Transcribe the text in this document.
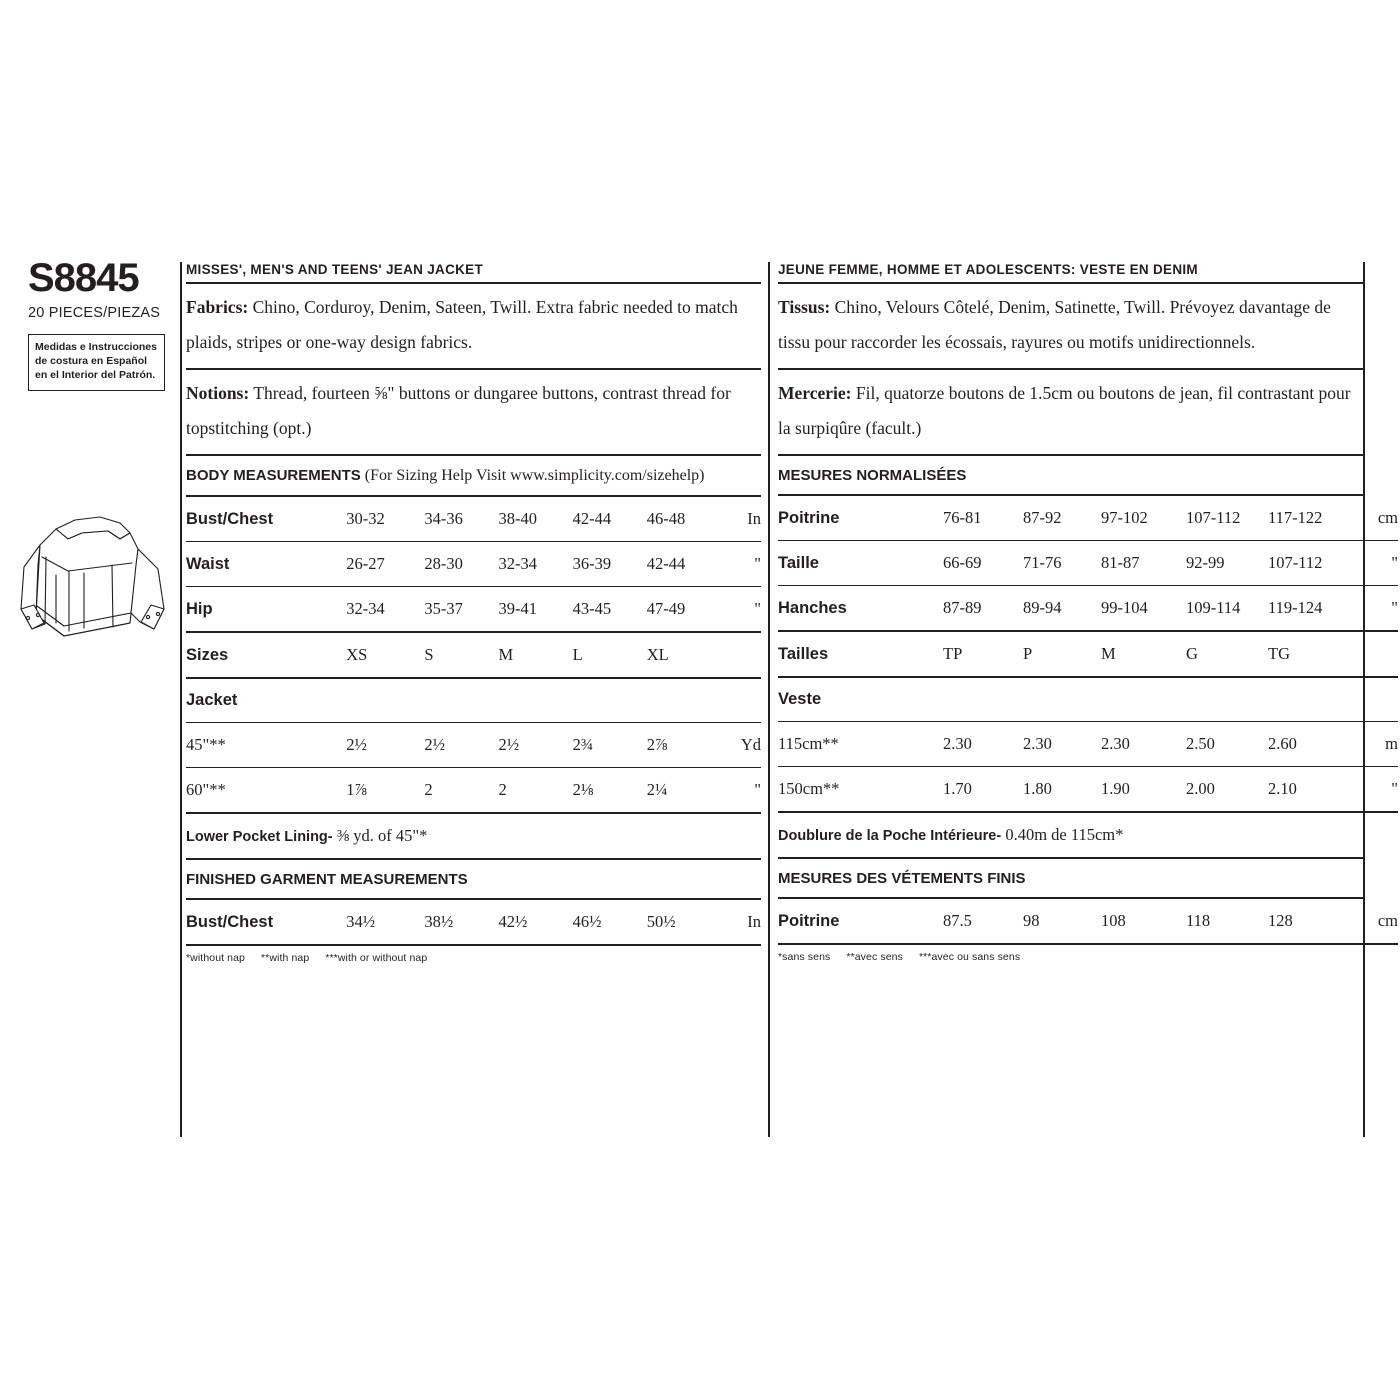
S8845
20 PIECES/PIEZAS

Medidas e Instrucciones de costura en Español en el Interior del Patrón.

MISSES', MEN'S AND TEENS' JEAN JACKET
Fabrics: Chino, Corduroy, Denim, Sateen, Twill. Extra fabric needed to match plaids, stripes or one-way design fabrics.
Notions: Thread, fourteen ⅝" buttons or dungaree buttons, contrast thread for topstitching (opt.)
BODY MEASUREMENTS (For Sizing Help Visit www.simplicity.com/sizehelp)
Bust/Chest	30-32	34-36	38-40	42-44	46-48	In
Waist	26-27	28-30	32-34	36-39	42-44	"
Hip	32-34	35-37	39-41	43-45	47-49	"
Sizes	XS	S	M	L	XL	
Jacket						
45"**	2½	2½	2½	2¾	2⅞	Yd
60"**	1⅞	2	2	2⅛	2¼	"
Lower Pocket Lining- ⅜ yd. of 45"*
FINISHED GARMENT MEASUREMENTS
Bust/Chest	34½	38½	42½	46½	50½	In
*without nap **with nap ***with or without nap
JEUNE FEMME, HOMME ET ADOLESCENTS: VESTE EN DENIM
Tissus: Chino, Velours Côtelé, Denim, Satinette, Twill. Prévoyez davantage de tissu pour raccorder les écossais, rayures ou motifs unidirectionnels.
Mercerie: Fil, quatorze boutons de 1.5cm ou boutons de jean, fil contrastant pour la surpiqûre (facult.)
MESURES NORMALISÉES
Poitrine	76-81	87-92	97-102	107-112	117-122	cm
Taille	66-69	71-76	81-87	92-99	107-112	"
Hanches	87-89	89-94	99-104	109-114	119-124	"
Tailles	TP	P	M	G	TG	
Veste						
115cm**	2.30	2.30	2.30	2.50	2.60	m
150cm**	1.70	1.80	1.90	2.00	2.10	"
Doublure de la Poche Intérieure- 0.40m de 115cm*
MESURES DES VÉTEMENTS FINIS
Poitrine	87.5	98	108	118	128	cm
*sans sens **avec sens ***avec ou sans sens
